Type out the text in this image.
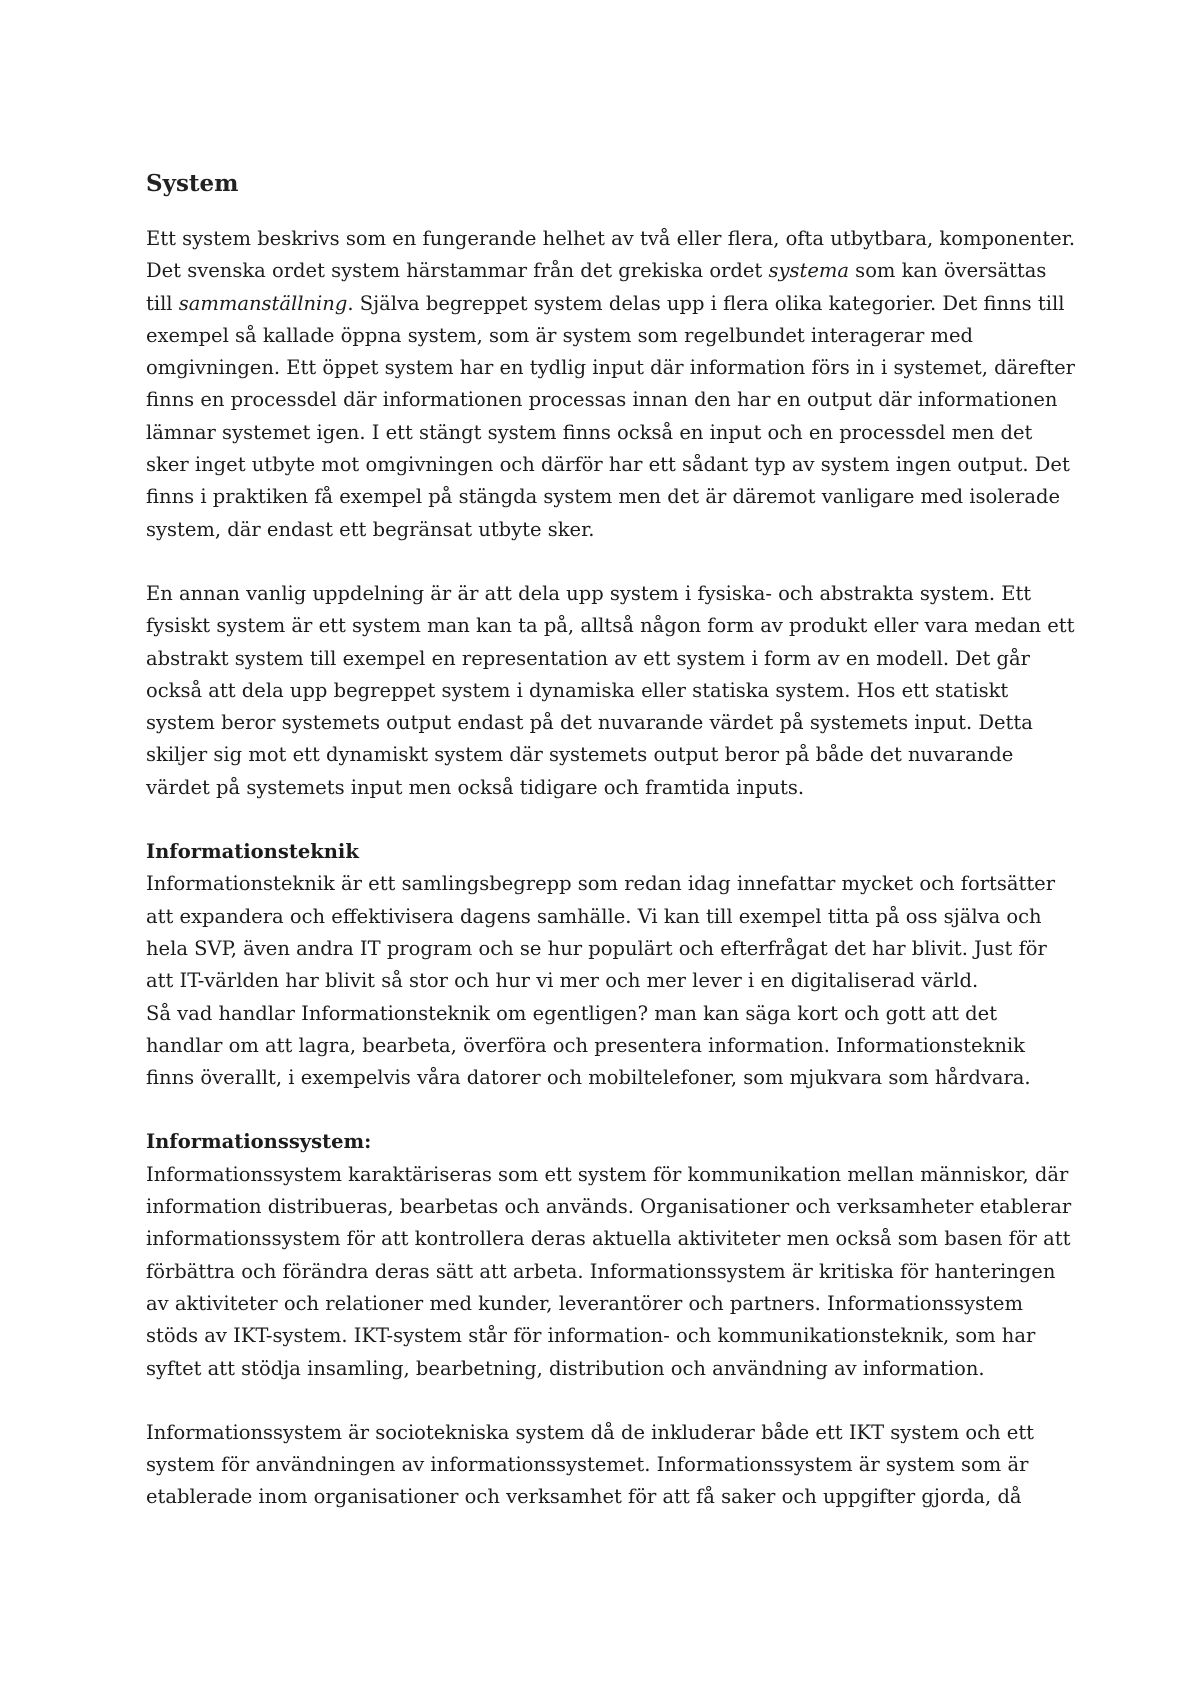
System

Ett system beskrivs som en fungerande helhet av två eller flera, ofta utbytbara, komponenter. Det svenska ordet system härstammar från det grekiska ordet systema som kan översättas till sammanställning. Själva begreppet system delas upp i flera olika kategorier. Det finns till exempel så kallade öppna system, som är system som regelbundet interagerar med omgivningen. Ett öppet system har en tydlig input där information förs in i systemet, därefter finns en processdel där informationen processas innan den har en output där informationen lämnar systemet igen. I ett stängt system finns också en input och en processdel men det sker inget utbyte mot omgivningen och därför har ett sådant typ av system ingen output. Det finns i praktiken få exempel på stängda system men det är däremot vanligare med isolerade system, där endast ett begränsat utbyte sker.

En annan vanlig uppdelning är är att dela upp system i fysiska- och abstrakta system. Ett fysiskt system är ett system man kan ta på, alltså någon form av produkt eller vara medan ett abstrakt system till exempel en representation av ett system i form av en modell. Det går också att dela upp begreppet system i dynamiska eller statiska system. Hos ett statiskt system beror systemets output endast på det nuvarande värdet på systemets input. Detta skiljer sig mot ett dynamiskt system där systemets output beror på både det nuvarande värdet på systemets input men också tidigare och framtida inputs.

Informationsteknik

Informationsteknik är ett samlingsbegrepp som redan idag innefattar mycket och fortsätter att expandera och effektivisera dagens samhälle. Vi kan till exempel titta på oss själva och hela SVP, även andra IT program och se hur populärt och efterfrågat det har blivit. Just för att IT-världen har blivit så stor och hur vi mer och mer lever i en digitaliserad värld.

Så vad handlar Informationsteknik om egentligen? man kan säga kort och gott att det handlar om att lagra, bearbeta, överföra och presentera information. Informationsteknik finns överallt, i exempelvis våra datorer och mobiltelefoner, som mjukvara som hårdvara.

Informationssystem:

Informationssystem karaktäriseras som ett system för kommunikation mellan människor, där information distribueras, bearbetas och används. Organisationer och verksamheter etablerar informationssystem för att kontrollera deras aktuella aktiviteter men också som basen för att förbättra och förändra deras sätt att arbeta. Informationssystem är kritiska för hanteringen av aktiviteter och relationer med kunder, leverantörer och partners. Informationssystem stöds av IKT-system. IKT-system står för information- och kommunikationsteknik, som har syftet att stödja insamling, bearbetning, distribution och användning av information.

Informationssystem är sociotekniska system då de inkluderar både ett IKT system och ett system för användningen av informationssystemet. Informationssystem är system som är etablerade inom organisationer och verksamhet för att få saker och uppgifter gjorda, då
